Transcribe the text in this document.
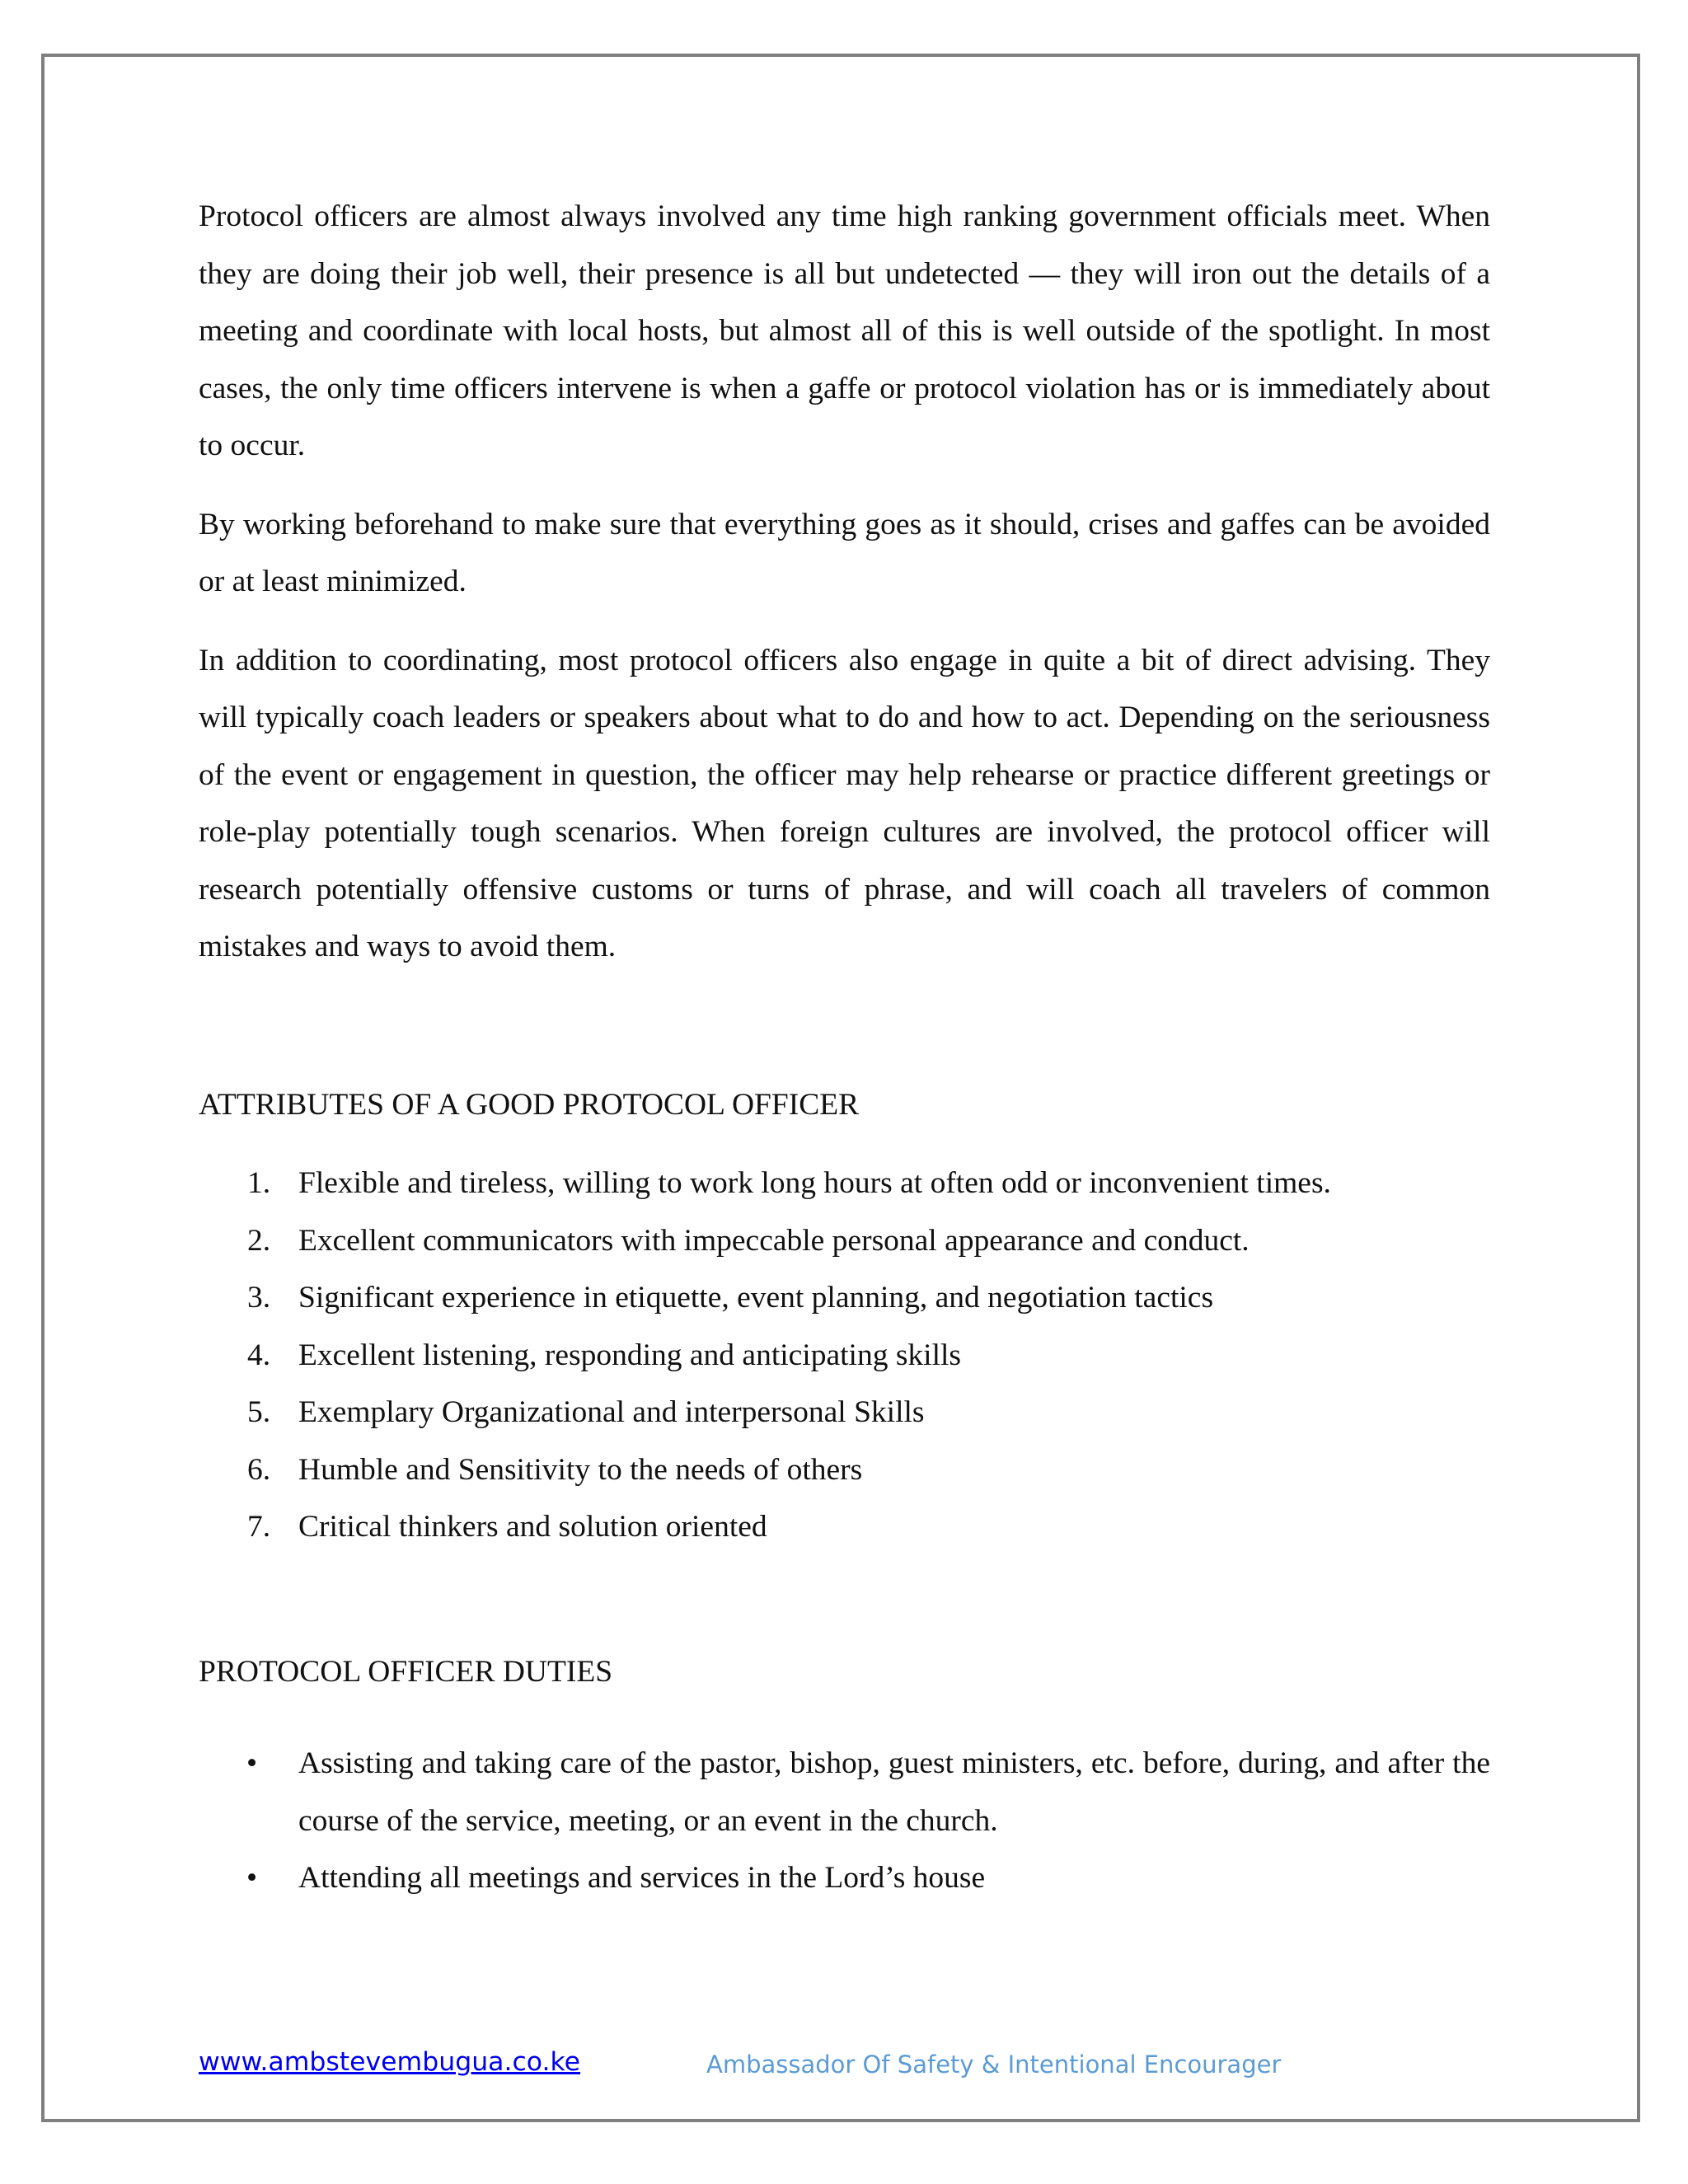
Protocol officers are almost always involved any time high ranking government officials meet. When they are doing their job well, their presence is all but undetected — they will iron out the details of a meeting and coordinate with local hosts, but almost all of this is well outside of the spotlight. In most cases, the only time officers intervene is when a gaffe or protocol violation has or is immediately about to occur.

By working beforehand to make sure that everything goes as it should, crises and gaffes can be avoided or at least minimized.

In addition to coordinating, most protocol officers also engage in quite a bit of direct advising. They will typically coach leaders or speakers about what to do and how to act. Depending on the seriousness of the event or engagement in question, the officer may help rehearse or practice different greetings or role-play potentially tough scenarios. When foreign cultures are involved, the protocol officer will research potentially offensive customs or turns of phrase, and will coach all travelers of common mistakes and ways to avoid them.

ATTRIBUTES OF A GOOD PROTOCOL OFFICER
1. Flexible and tireless, willing to work long hours at often odd or inconvenient times.
2. Excellent communicators with impeccable personal appearance and conduct.
3. Significant experience in etiquette, event planning, and negotiation tactics
4. Excellent listening, responding and anticipating skills
5. Exemplary Organizational and interpersonal Skills
6. Humble and Sensitivity to the needs of others
7. Critical thinkers and solution oriented
PROTOCOL OFFICER DUTIES
• Assisting and taking care of the pastor, bishop, guest ministers, etc. before, during, and after the course of the service, meeting, or an event in the church.
• Attending all meetings and services in the Lord’s house
www.ambstevembugua.co.ke	Ambassador Of Safety & Intentional Encourager
